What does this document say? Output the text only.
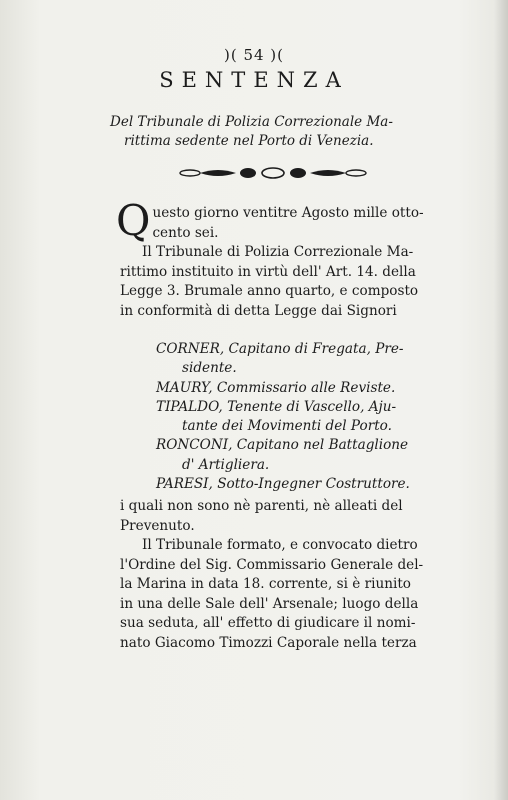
)( 54 )(
SENTENZA
Del Tribunale di Polizia Correzionale Ma-
rittima sedente nel Porto di Venezia.

Q uesto giorno ventitre Agosto mille otto-
cento sei.

Il Tribunale di Polizia Correzionale Ma-
rittimo instituito in virtù dell' Art. 14. della
Legge 3. Brumale anno quarto, e composto
in conformità di detta Legge dai Signori

CORNER, Capitano di Fregata, Pre-
sidente.

MAURY, Commissario alle Reviste.

TIPALDO, Tenente di Vascello, Aju-
tante dei Movimenti del Porto.

RONCONI, Capitano nel Battaglione
d' Artigliera.

PARESI, Sotto-Ingegner Costruttore.

i quali non sono nè parenti, nè alleati del
Prevenuto.

Il Tribunale formato, e convocato dietro
l'Ordine del Sig. Commissario Generale del-
la Marina in data 18. corrente, si è riunito
in una delle Sale dell' Arsenale; luogo della
sua seduta, all' effetto di giudicare il nomi-
nato Giacomo Timozzi Caporale nella terza
